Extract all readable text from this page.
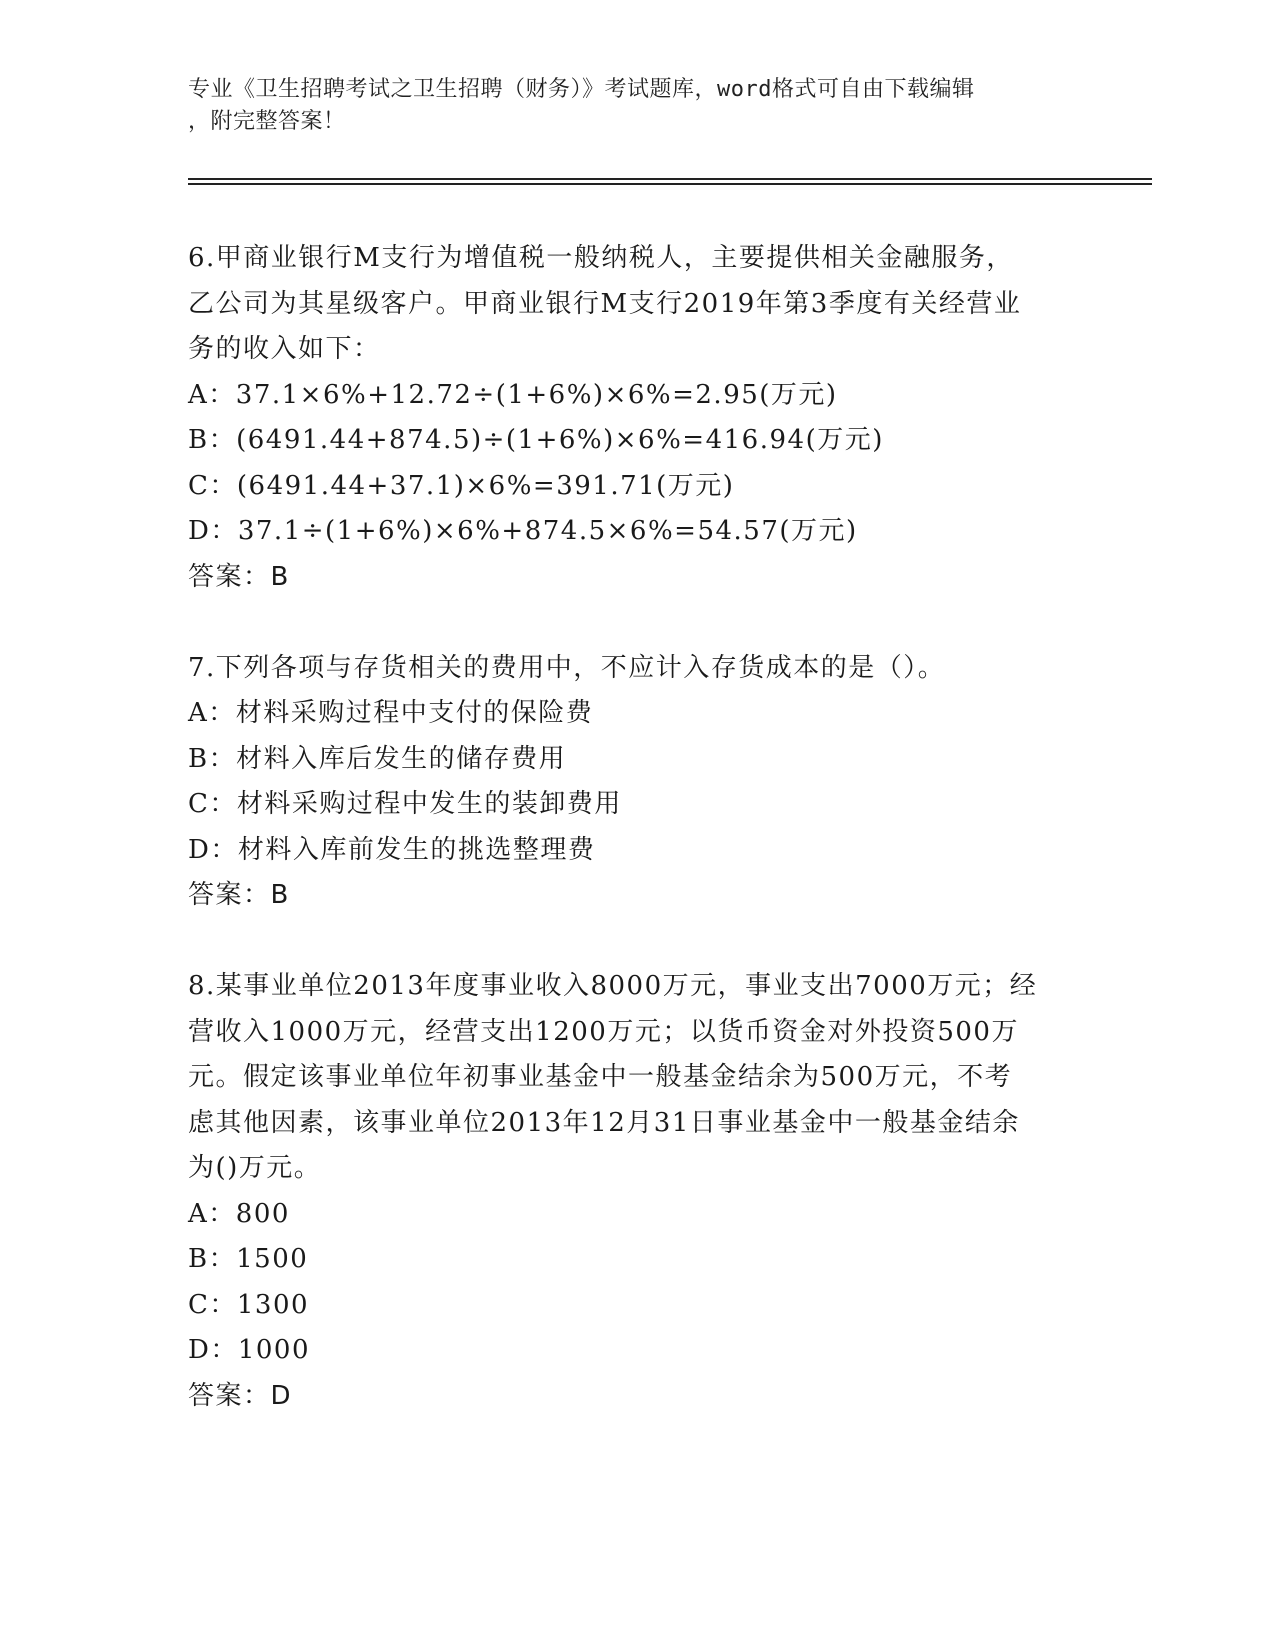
专业《卫生招聘考试之卫生招聘（财务）》考试题库，word格式可自由下载编辑
，附完整答案！
6.甲商业银行M支行为增值税一般纳税人，主要提供相关金融服务，
乙公司为其星级客户。甲商业银行M支行2019年第3季度有关经营业
务的收入如下：
A：37.1×6%+12.72÷(1+6%)×6%=2.95(万元)
B：(6491.44+874.5)÷(1+6%)×6%=416.94(万元)
C：(6491.44+37.1)×6%=391.71(万元)
D：37.1÷(1+6%)×6%+874.5×6%=54.57(万元)
答案：B
7.下列各项与存货相关的费用中，不应计入存货成本的是（）。
A：材料采购过程中支付的保险费
B：材料入库后发生的储存费用
C：材料采购过程中发生的装卸费用
D：材料入库前发生的挑选整理费
答案：B
8.某事业单位2013年度事业收入8000万元，事业支出7000万元；经
营收入1000万元，经营支出1200万元；以货币资金对外投资500万
元。假定该事业单位年初事业基金中一般基金结余为500万元，不考
虑其他因素，该事业单位2013年12月31日事业基金中一般基金结余
为()万元。
A：800
B：1500
C：1300
D：1000
答案：D
